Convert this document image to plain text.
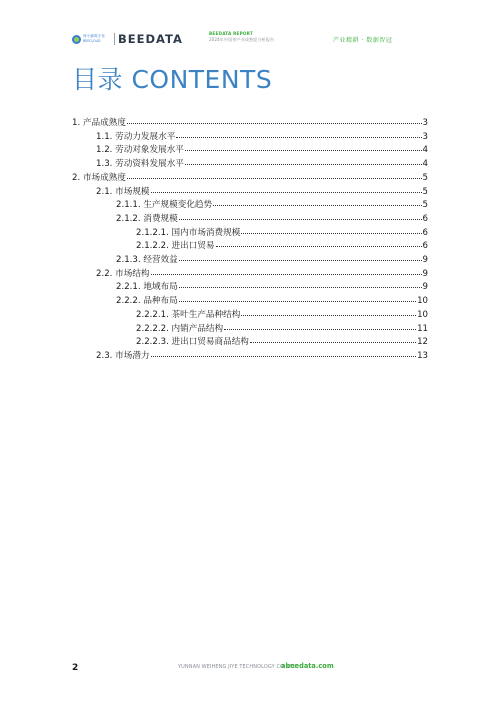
荷小蜂数字化
BEECLOUD	BEEDATA	BEEDATA REPORT
2024年中国茶产业成熟度分析报告	产业精耕 · 数据智冠
目录 CONTENTS
1. 产品成熟度	3
1.1. 劳动力发展水平	3
1.2. 劳动对象发展水平	4
1.3. 劳动资料发展水平	4
2. 市场成熟度	5
2.1. 市场规模	5
2.1.1. 生产规模变化趋势	5
2.1.2. 消费规模	6
2.1.2.1. 国内市场消费规模	6
2.1.2.2. 进出口贸易	6
2.1.3. 经营效益	9
2.2. 市场结构	9
2.2.1. 地域布局	9
2.2.2. 品种布局	10
2.2.2.1. 茶叶生产品种结构	10
2.2.2.2. 内销产品结构	11
2.2.2.3. 进出口贸易商品结构	12
2.3. 市场潜力	13
2	YUNNAN WEIHENG JIYE TECHNOLOGY CO.,LTD.
abeedata.com
